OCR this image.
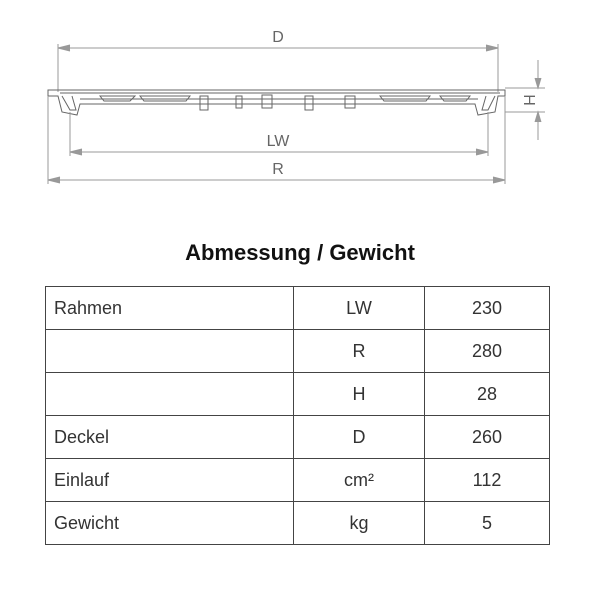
D
H
LW
R
Abmessung / Gewicht
Rahmen	LW	230
	R	280
	H	28
Deckel	D	260
Einlauf	cm²	112
Gewicht	kg	5
